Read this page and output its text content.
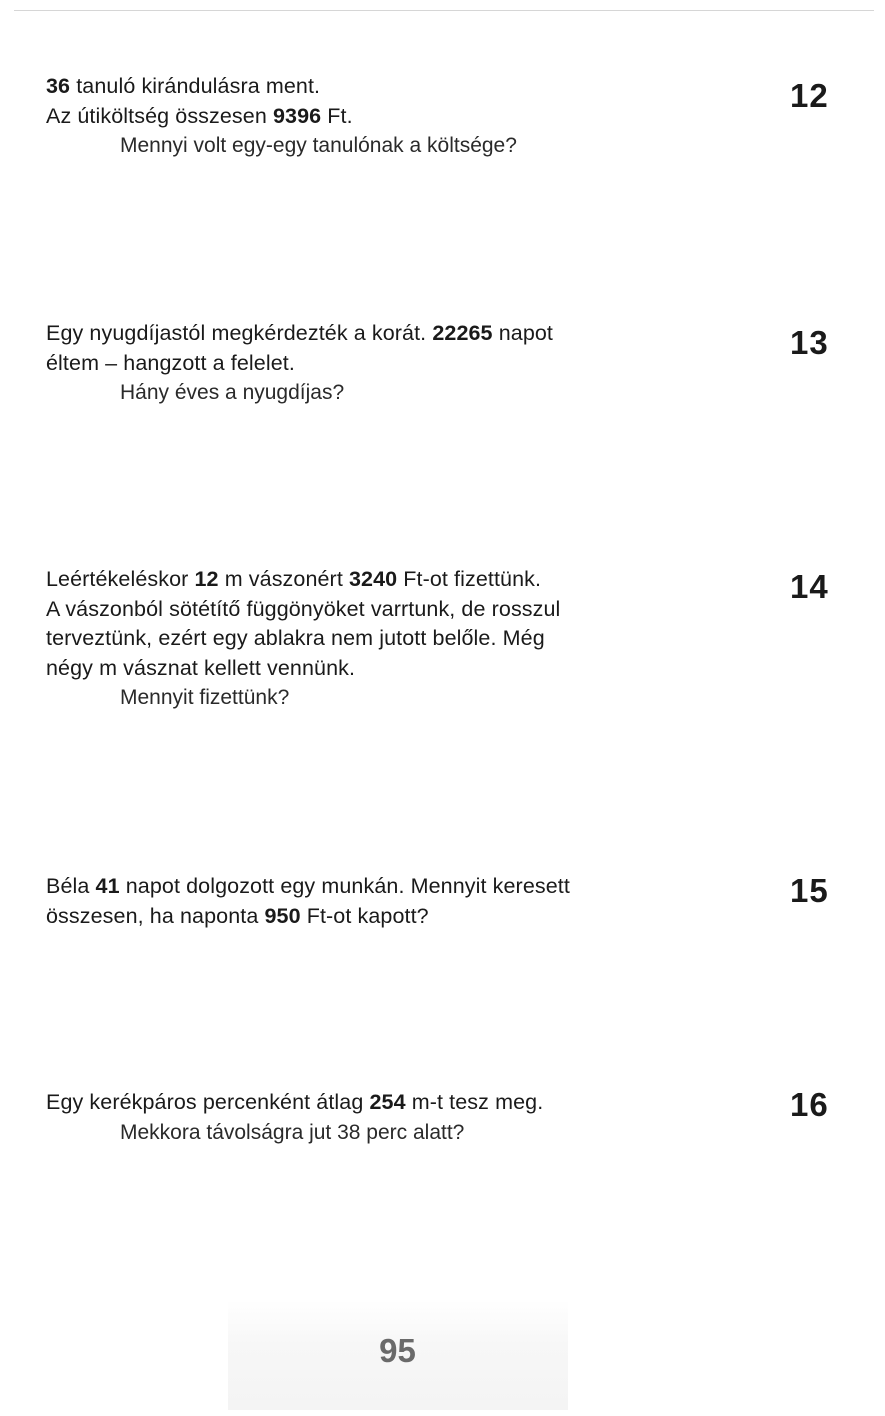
36 tanuló kirándulásra ment.
Az útiköltség összesen 9396 Ft.
Mennyi volt egy-egy tanulónak a költsége?
12
Egy nyugdíjastól megkérdezték a korát. 22265 napot
éltem – hangzott a felelet.
Hány éves a nyugdíjas?
13
Leértékeléskor 12 m vászonért 3240 Ft-ot fizettünk.
A vászonból sötétítő függönyöket varrtunk, de rosszul
terveztünk, ezért egy ablakra nem jutott belőle. Még
négy m vásznat kellett vennünk.
Mennyit fizettünk?
14
Béla 41 napot dolgozott egy munkán. Mennyit keresett
összesen, ha naponta 950 Ft-ot kapott?
15
Egy kerékpáros percenként átlag 254 m-t tesz meg.
Mekkora távolságra jut 38 perc alatt?
16
95
